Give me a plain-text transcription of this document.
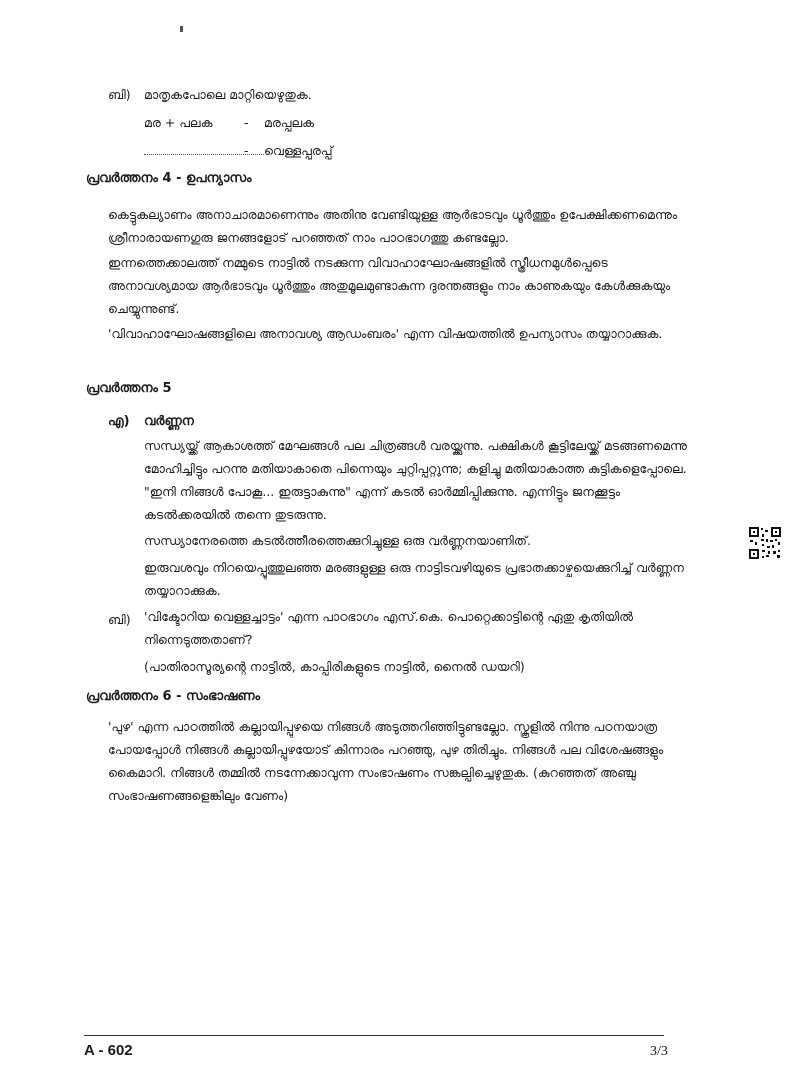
ബി) മാതൃകപോലെ മാറ്റിയെഴുതുക.
മര + പലക	- മരപ്പലക
- വെള്ളപ്പരപ്പ്
പ്രവർത്തനം 4 - ഉപന്യാസം
കെട്ടുകല്യാണം അനാചാരമാണെന്നും അതിനു വേണ്ടിയുള്ള ആർഭാടവും ധൂർത്തും ഉപേക്ഷിക്കണമെന്നും ശ്രീനാരായണഗുരു ജനങ്ങളോട് പറഞ്ഞത് നാം പാഠഭാഗത്തു കണ്ടല്ലോ.
ഇന്നത്തെക്കാലത്ത് നമ്മുടെ നാട്ടിൽ നടക്കുന്ന വിവാഹാഘോഷങ്ങളിൽ സ്ത്രീധനമുൾപ്പെടെ അനാവശ്യമായ ആർഭാടവും ധൂർത്തും അതുമൂലമുണ്ടാകുന്ന ദുരന്തങ്ങളും നാം കാണുകയും കേൾക്കുകയും ചെയ്യുന്നുണ്ട്.
'വിവാഹാഘോഷങ്ങളിലെ അനാവശ്യ ആഡംബരം' എന്ന വിഷയത്തിൽ ഉപന്യാസം തയ്യാറാക്കുക.
പ്രവർത്തനം 5
എ) വർണ്ണന
സന്ധ്യയ്ക്ക് ആകാശത്ത് മേഘങ്ങൾ പല ചിത്രങ്ങൾ വരയ്ക്കുന്നു. പക്ഷികൾ കൂട്ടിലേയ്ക്ക് മടങ്ങണമെന്നു മോഹിച്ചിട്ടും പറന്നു മതിയാകാതെ പിന്നെയും ചുറ്റിപ്പറ്റുന്നു; കളിച്ചു മതിയാകാത്ത കുട്ടികളെപ്പോലെ. "ഇനി നിങ്ങൾ പോകൂ... ഇരുട്ടാകുന്നു" എന്ന് കടൽ ഓർമ്മിപ്പിക്കുന്നു. എന്നിട്ടും ജനക്കൂട്ടം കടൽക്കരയിൽ തന്നെ തുടരുന്നു.
സന്ധ്യാനേരത്തെ കടൽത്തീരത്തെക്കുറിച്ചുള്ള ഒരു വർണ്ണനയാണിത്.
ഇരുവശവും നിറയെപ്പൂത്തുലഞ്ഞ മരങ്ങളുള്ള ഒരു നാട്ടിടവഴിയുടെ പ്രഭാതക്കാഴ്ചയെക്കുറിച്ച് വർണ്ണന തയ്യാറാക്കുക.
ബി) 'വിക്ടോറിയ വെള്ളച്ചാട്ടം' എന്ന പാഠഭാഗം എസ്.കെ. പൊറ്റെക്കാട്ടിന്റെ ഏതു കൃതിയിൽ നിന്നെടുത്തതാണ്?
(പാതിരാസൂര്യന്റെ നാട്ടിൽ, കാപ്പിരികളുടെ നാട്ടിൽ, നൈൽ ഡയറി)
പ്രവർത്തനം 6 - സംഭാഷണം
'പുഴ' എന്ന പാഠത്തിൽ കല്ലായിപ്പുഴയെ നിങ്ങൾ അടുത്തറിഞ്ഞിട്ടുണ്ടല്ലോ. സ്കൂളിൽ നിന്നു പഠനയാത്ര പോയപ്പോൾ നിങ്ങൾ കല്ലായിപ്പുഴയോട് കിന്നാരം പറഞ്ഞു, പുഴ തിരിച്ചും. നിങ്ങൾ പല വിശേഷങ്ങളും കൈമാറി. നിങ്ങൾ തമ്മിൽ നടന്നേക്കാവുന്ന സംഭാഷണം സങ്കല്പിച്ചെഴുതുക. (കുറഞ്ഞത് അഞ്ചു സംഭാഷണങ്ങളെങ്കിലും വേണം)
A - 602	3/3
